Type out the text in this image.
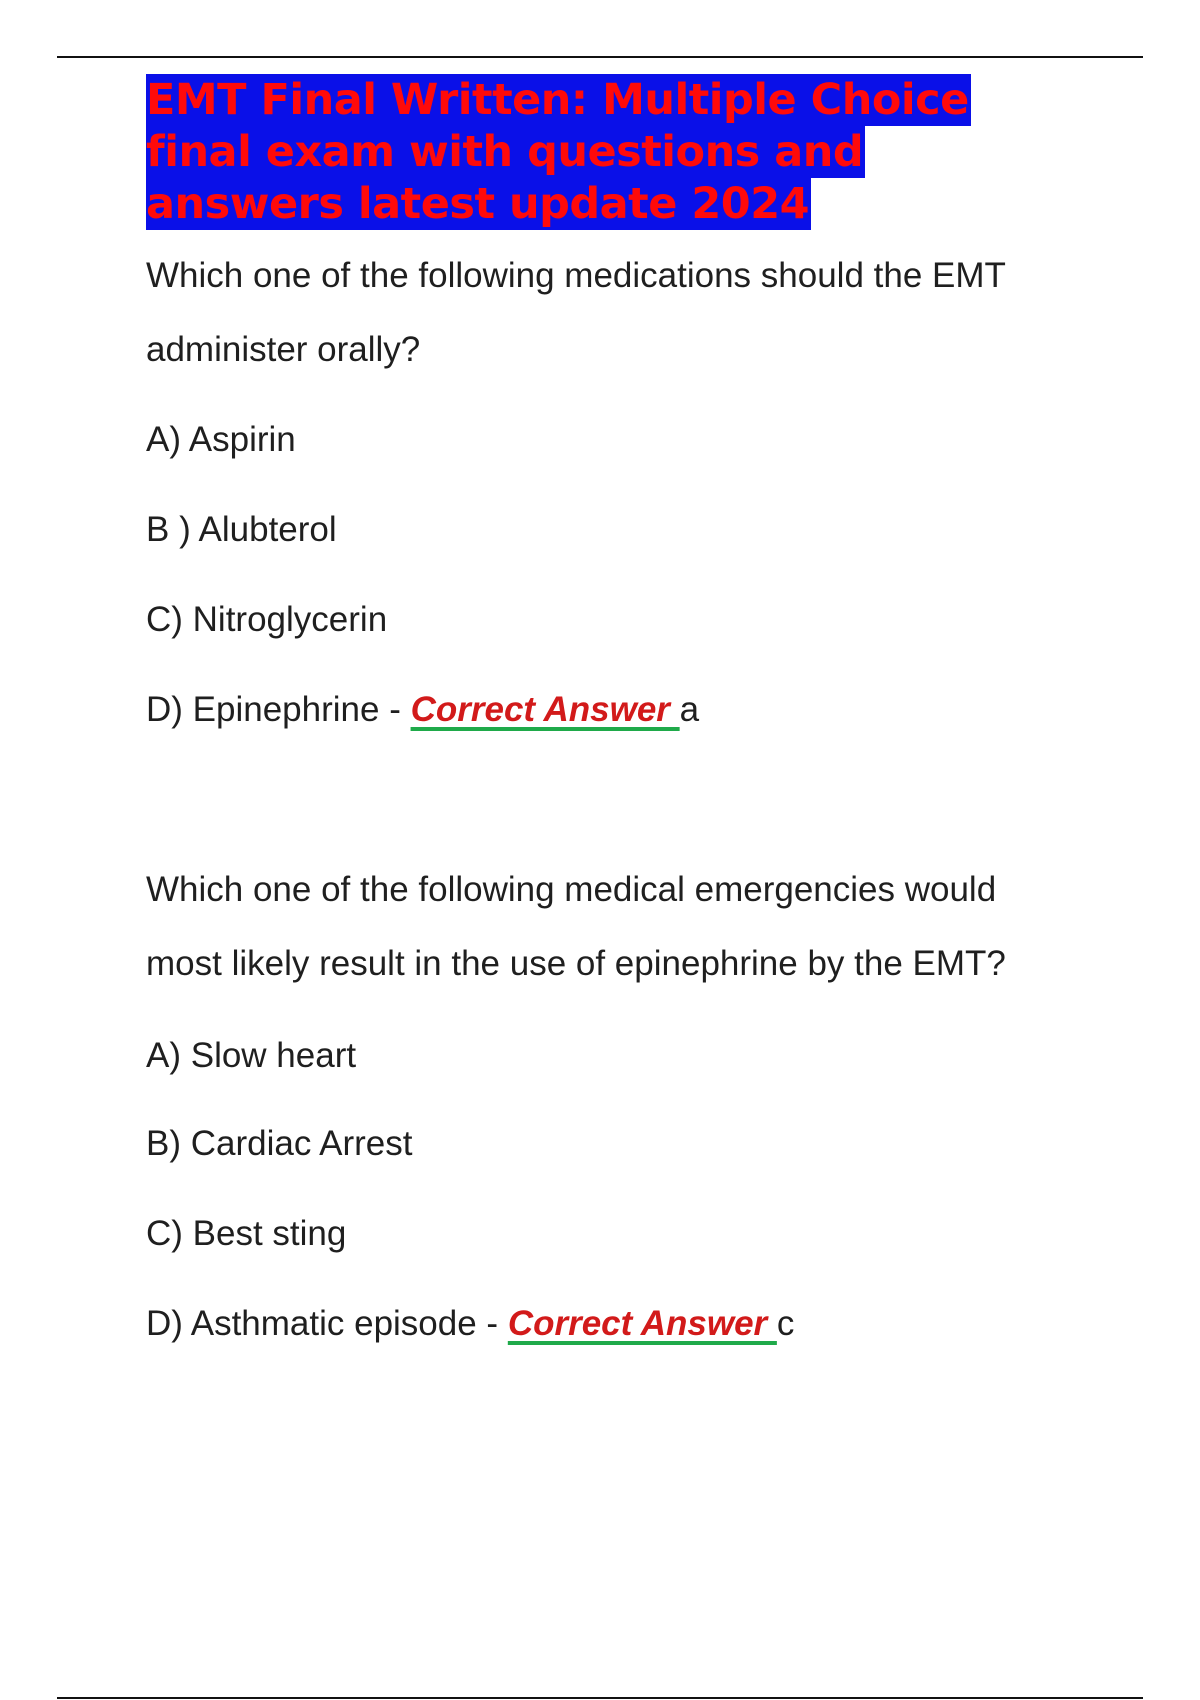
EMT Final Written: Multiple Choice
final exam with questions and
answers latest update 2024
Which one of the following medications should the EMT
administer orally?
A) Aspirin
B ) Alubterol
C) Nitroglycerin
D) Epinephrine - Correct Answer a
Which one of the following medical emergencies would
most likely result in the use of epinephrine by the EMT?
A) Slow heart
B) Cardiac Arrest
C) Best sting
D) Asthmatic episode - Correct Answer c
